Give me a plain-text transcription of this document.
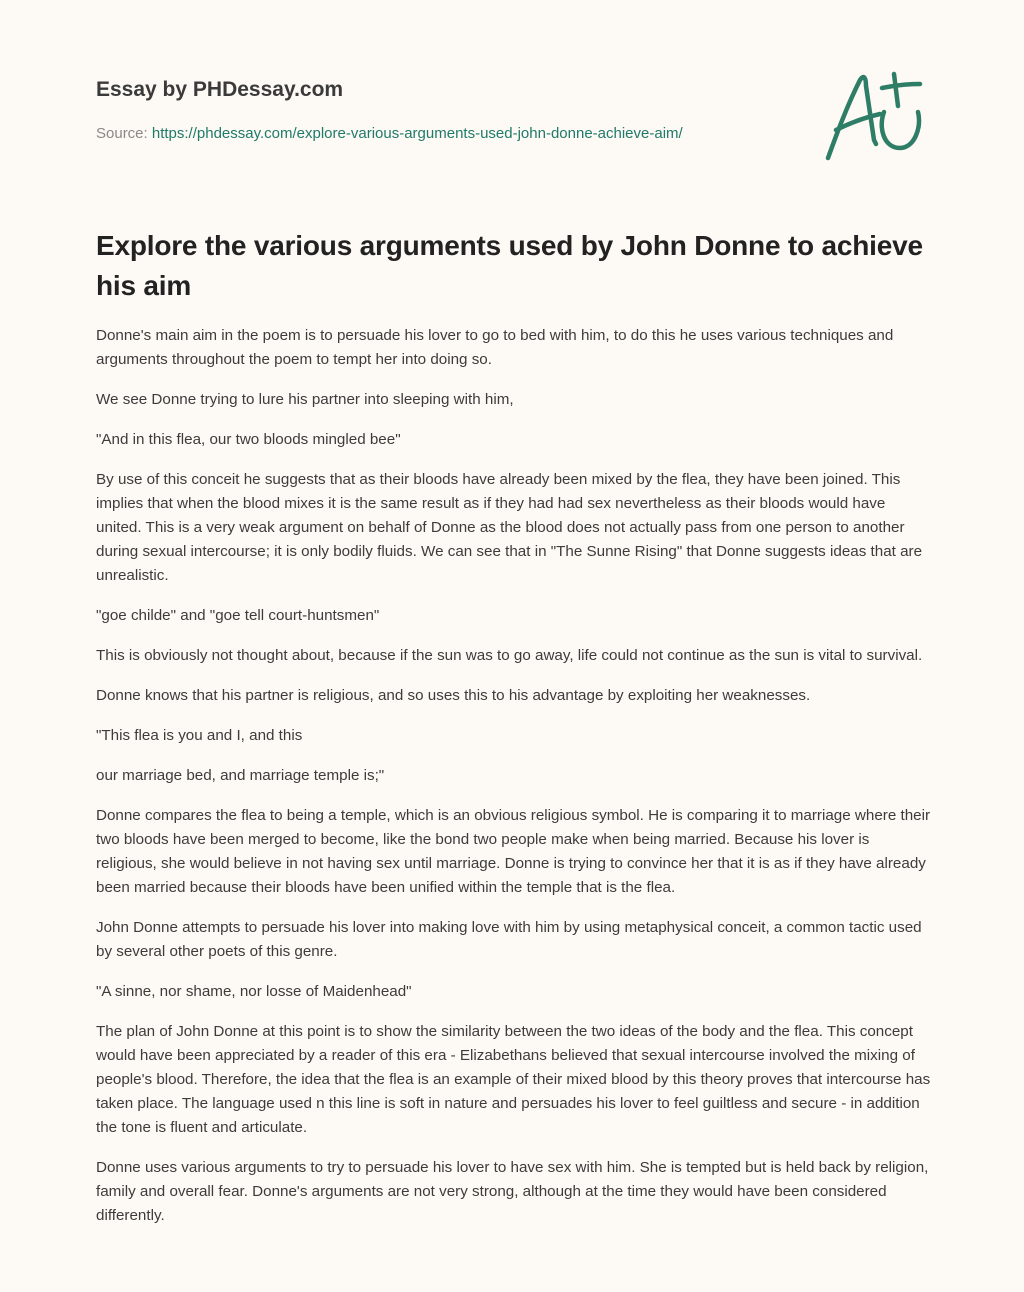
Essay by PHDessay.com
Source: https://phdessay.com/explore-various-arguments-used-john-donne-achieve-aim/
Explore the various arguments used by John Donne to achieve his aim

Donne's main aim in the poem is to persuade his lover to go to bed with him, to do this he uses various techniques and arguments throughout the poem to tempt her into doing so.

We see Donne trying to lure his partner into sleeping with him,

"And in this flea, our two bloods mingled bee"

By use of this conceit he suggests that as their bloods have already been mixed by the flea, they have been joined. This implies that when the blood mixes it is the same result as if they had had sex nevertheless as their bloods would have united. This is a very weak argument on behalf of Donne as the blood does not actually pass from one person to another during sexual intercourse; it is only bodily fluids. We can see that in "The Sunne Rising" that Donne suggests ideas that are unrealistic.

"goe childe" and "goe tell court-huntsmen"

This is obviously not thought about, because if the sun was to go away, life could not continue as the sun is vital to survival.

Donne knows that his partner is religious, and so uses this to his advantage by exploiting her weaknesses.

"This flea is you and I, and this

our marriage bed, and marriage temple is;"

Donne compares the flea to being a temple, which is an obvious religious symbol. He is comparing it to marriage where their two bloods have been merged to become, like the bond two people make when being married. Because his lover is religious, she would believe in not having sex until marriage. Donne is trying to convince her that it is as if they have already been married because their bloods have been unified within the temple that is the flea.

John Donne attempts to persuade his lover into making love with him by using metaphysical conceit, a common tactic used by several other poets of this genre.

"A sinne, nor shame, nor losse of Maidenhead"

The plan of John Donne at this point is to show the similarity between the two ideas of the body and the flea. This concept would have been appreciated by a reader of this era - Elizabethans believed that sexual intercourse involved the mixing of people's blood. Therefore, the idea that the flea is an example of their mixed blood by this theory proves that intercourse has taken place. The language used n this line is soft in nature and persuades his lover to feel guiltless and secure - in addition the tone is fluent and articulate.

Donne uses various arguments to try to persuade his lover to have sex with him. She is tempted but is held back by religion, family and overall fear. Donne's arguments are not very strong, although at the time they would have been considered differently.
